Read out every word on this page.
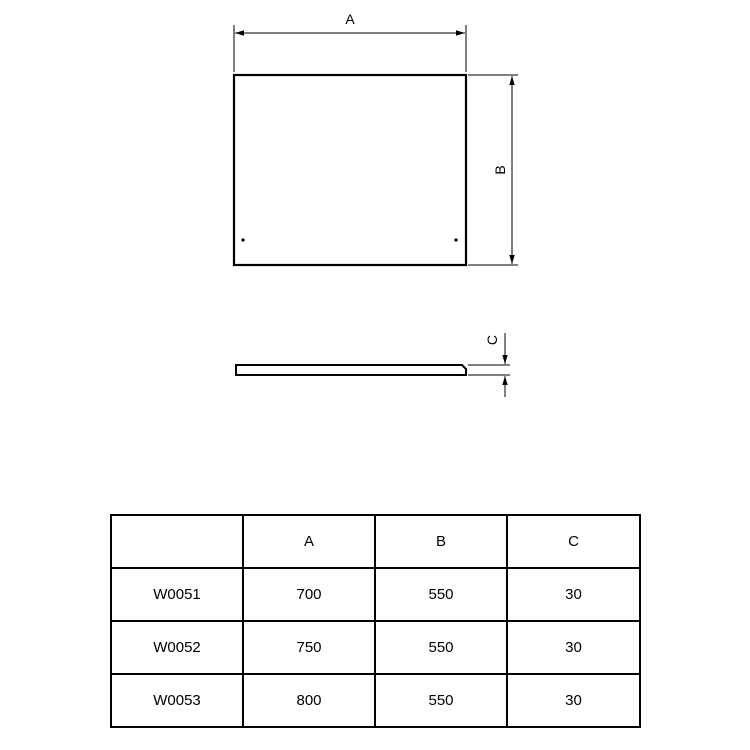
A
B
C
	A	B	C
W0051	700	550	30
W0052	750	550	30
W0053	800	550	30
